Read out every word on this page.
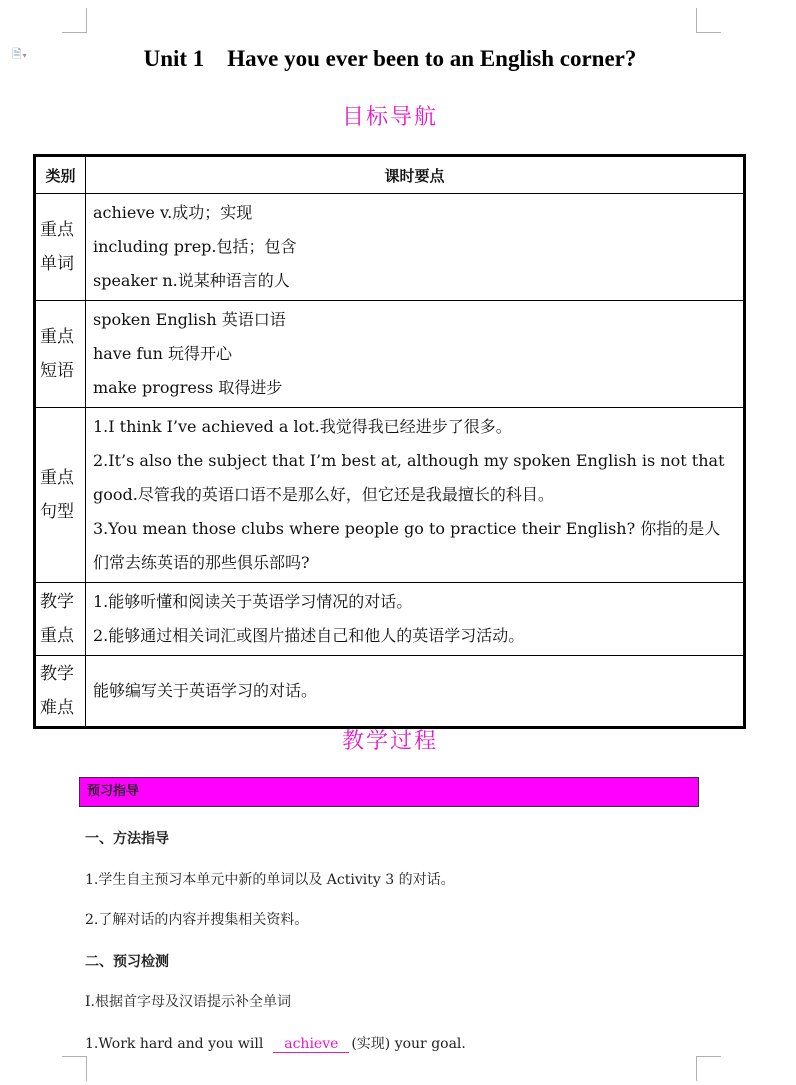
🗎▾	Unit 1　Have you ever been to an English corner?
目标导航
类别	课时要点

重点
单词	achieve v.成功；实现
including prep.包括；包含
speaker n.说某种语言的人

重点
短语	spoken English 英语口语
have fun 玩得开心
make progress 取得进步

重点
句型	1.I think I’ve achieved a lot.我觉得我已经进步了很多。
2.It’s also the subject that I’m best at, although my spoken English is not that good.尽管我的英语口语不是那么好，但它还是我最擅长的科目。
3.You mean those clubs where people go to practice their English? 你指的是人们常去练英语的那些俱乐部吗?

教学
重点	1.能够听懂和阅读关于英语学习情况的对话。
2.能够通过相关词汇或图片描述自己和他人的英语学习活动。

教学
难点	能够编写关于英语学习的对话。
教学过程
预习指导
一、方法指导
1.学生自主预习本单元中新的单词以及 Activity 3 的对话。
2.了解对话的内容并搜集相关资料。
二、预习检测
Ⅰ.根据首字母及汉语提示补全单词
1.Work hard and you will achieve (实现) your goal.
